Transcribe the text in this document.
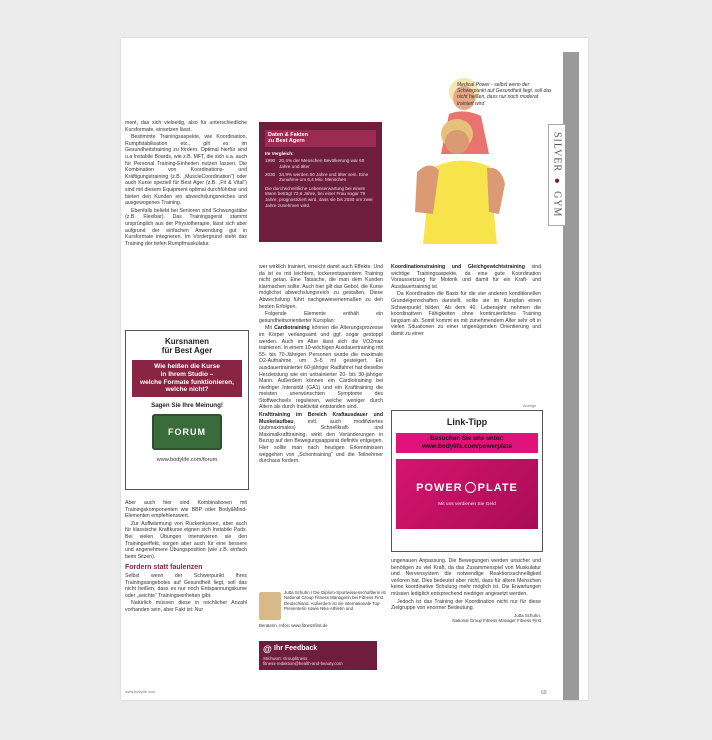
SILVER ● GYM

ment, das sich vielseitig, also für unterschiedliche Kursformate, einsetzen lässt.

Bestimmte Trainingsaspekte, wie Koordination, Rumpfstabilisation etc., gilt es im Gesundheitstraining zu fördern. Optimal hierfür sind u.a Instabile Boards, wie z.B. MFT, die sich u.a. auch für Personal Training-Einheiten nutzen lassen. Die Kombination von Koordinations- und Kräftigungstraining (z.B. „MuscleCoordination“) oder auch Kurse speziell für Best Ager (z.B. „Fit & Vital“) sind mit diesem Equipment optimal durchführbar und bieten den Kunden ein abwechslungsreiches und ausgewogenes Training.

Ebenfalls beliebt bei Senioren sind Schwungstäbe (z.B. Flexibar). Das Trainingsgerät stammt ursprünglich aus der Physiotherapie, lässt sich aber aufgrund der einfachen Anwendung gut in Kursformate integrieren. Im Vordergrund steht das Training der tiefen Rumpfmuskulatur.

Kursnamen
für Best Ager
Wie heißen die Kurse
in Ihrem Studio –
welche Formate funktionieren,
welche nicht?
Sagen Sie Ihre Meinung!
FORUM
www.bodylife.com/forum

Aber auch hier sind Kombinationen mit Trainingskomponenten wie BBP oder Body&Mind-Elementen empfehlenswert.

Zur Auffwärmung von Rückenkursen, aber auch für klassische Kraftkurse eignen sich Instabile Pads. Bei vielen Übungen intensivieren sie den Trainingseffekt, sorgen aber auch für eine bessere und angenehmere Übungsposition (wie z.B. einfach beim Sitzen).

Fordern statt faulenzen

Selbst wenn der Schwerpunkt Ihres Trainingsangebotes auf Gesundheit liegt, soll das nicht heißen, dass es nur noch Entspannungskurse oder „seichte“ Trainingseinheiten gibt.

Natürlich müssen diese in reichlicher Anzahl vorhanden sein, aber Fakt ist: Nur

Daten & Fakten
zu Best Agern
Im Vergleich:
1990 20,4% der Menschen Bevölkerung war 60 Jahre und älter
2030 34,9% werden 60 Jahre und älter sein. Eine Zunahme um 6,4 Mio. Menschen
Die durchschnittliche Lebenserwartung bei einem Mann beträgt 73,6 Jahre, bei einer Frau sogar 79 Jahre; prognostiziert wird, dass sie bis 2030 um zwei Jahre zunehmen wird.

wer wirklich trainiert, erreicht damit auch Effekte. Und da ist es mit leichtem, lockerentspanntem Training nicht getan. Eine Tatsache, die man dem Kunden klarmachen sollte. Auch hier gilt das Gebot, die Kurse möglichst abwechslungsreich zu gestalten. Diese Abwechslung führt nachgewiesenermaßen zu den besten Erfolgen.

Folgende Elemente enthält ein gesundheitsorientierter Kursplan:

Mit Cardiotraining können die Alterungsprozesse im Körper verlangsamt und ggf. sogar gestoppt werden. Auch im Alter lässt sich die VO2max trainieren. In einem 10-wöchigen Ausdauertraining mit 55- bis 70-Jährigen Personen wurde die maximale O2-Aufnahme um 3–5 ml gesteigert. Ein ausdauertrainierter 60-jähriger Radfahrer hat dieselbe Herzleistung wie ein untrainierter 20- bis 30-jähriger Mann. Außerdem können ein Cardiotraining bei niedriger Intensität (GA1) und ein Krafttraining die meisten unerwünschten Symptome des Stoffwechsels regulieren, welche weniger durch Altern als durch Inaktivität entstanden sind.

Krafttraining im Bereich Kraftausdauer und Muskelaufbau, evtl. auch modifiziertes (submaximales) Schnellkraft- und Maximalkrafttraining, wirkt den Veränderungen in Bezug auf den Bewegungsapparat definitiv entgegen. Hier sollte man nach heutigen Erkenntnissen weggehen von „Schontraining“ und die Teilnehmer durchaus fordern.

Medical Power - selbst wenn der Schwerpunkt auf Gesundheit liegt, soll das nicht heißen, dass nur noch moderat trainiert wird

Koordinationstraining und Gleichgewichtstraining sind wichtige Trainingsaspekte, da eine gute Koordination Voraussetzung für Motorik und damit für ein Kraft- und Ausdauertraining ist.

Da Koordination die Basis für die vier anderen konditionellen Grundeigenschaften darstellt, sollte sie im Kursplan einen Schwerpunkt bilden. Ab dem 40. Lebensjahr nehmen die koordinativen Fähigkeiten ohne kontinuierliches Training langsam ab. Somit kommt es mit zunehmendem Alter sehr oft in vielen Situationen zu einer ungenügenden Orientierung und damit zu einer

Anzeige
Link-Tipp
Besuchen Sie uns unter:
www.bodylife.com/powerplate
POWER PLATE
Mit uns verdienen Sie Geld

ungenauen Anpassung. Die Bewegungen werden unsicher und benötigen zu viel Kraft, da das Zusammenspiel von Muskulatur und Nervensystem die notwendige Reaktionsschnelligkeit verloren hat. Dies bedeutet aber nicht, dass für ältere Menschen keine koordinative Schulung mehr möglich ist. Die Erwartungen müssen lediglich entsprechend niedriger angesetzt werden.

Jedoch ist das Training der Koordination nicht nur für diese Zielgruppe von enormer Bedeutung.

Jutta Schuhn,
National Group Fitness Manager Fitness First
Jutta Schuhn I Die Diplom-Sportwissenschaftlerin ist National Group Fitness Managerin bei Fitness First Deutschland. Außerdem ist sie internationale Top-Presenterin sowie Nike Athletin und
Beraterin. Infos: www.fitnessfirst.de
@ Ihr Feedback
Stichwort: Groupfitness
fitness-redaktion@health-and-beauty.com
www.bodylife.com	69
